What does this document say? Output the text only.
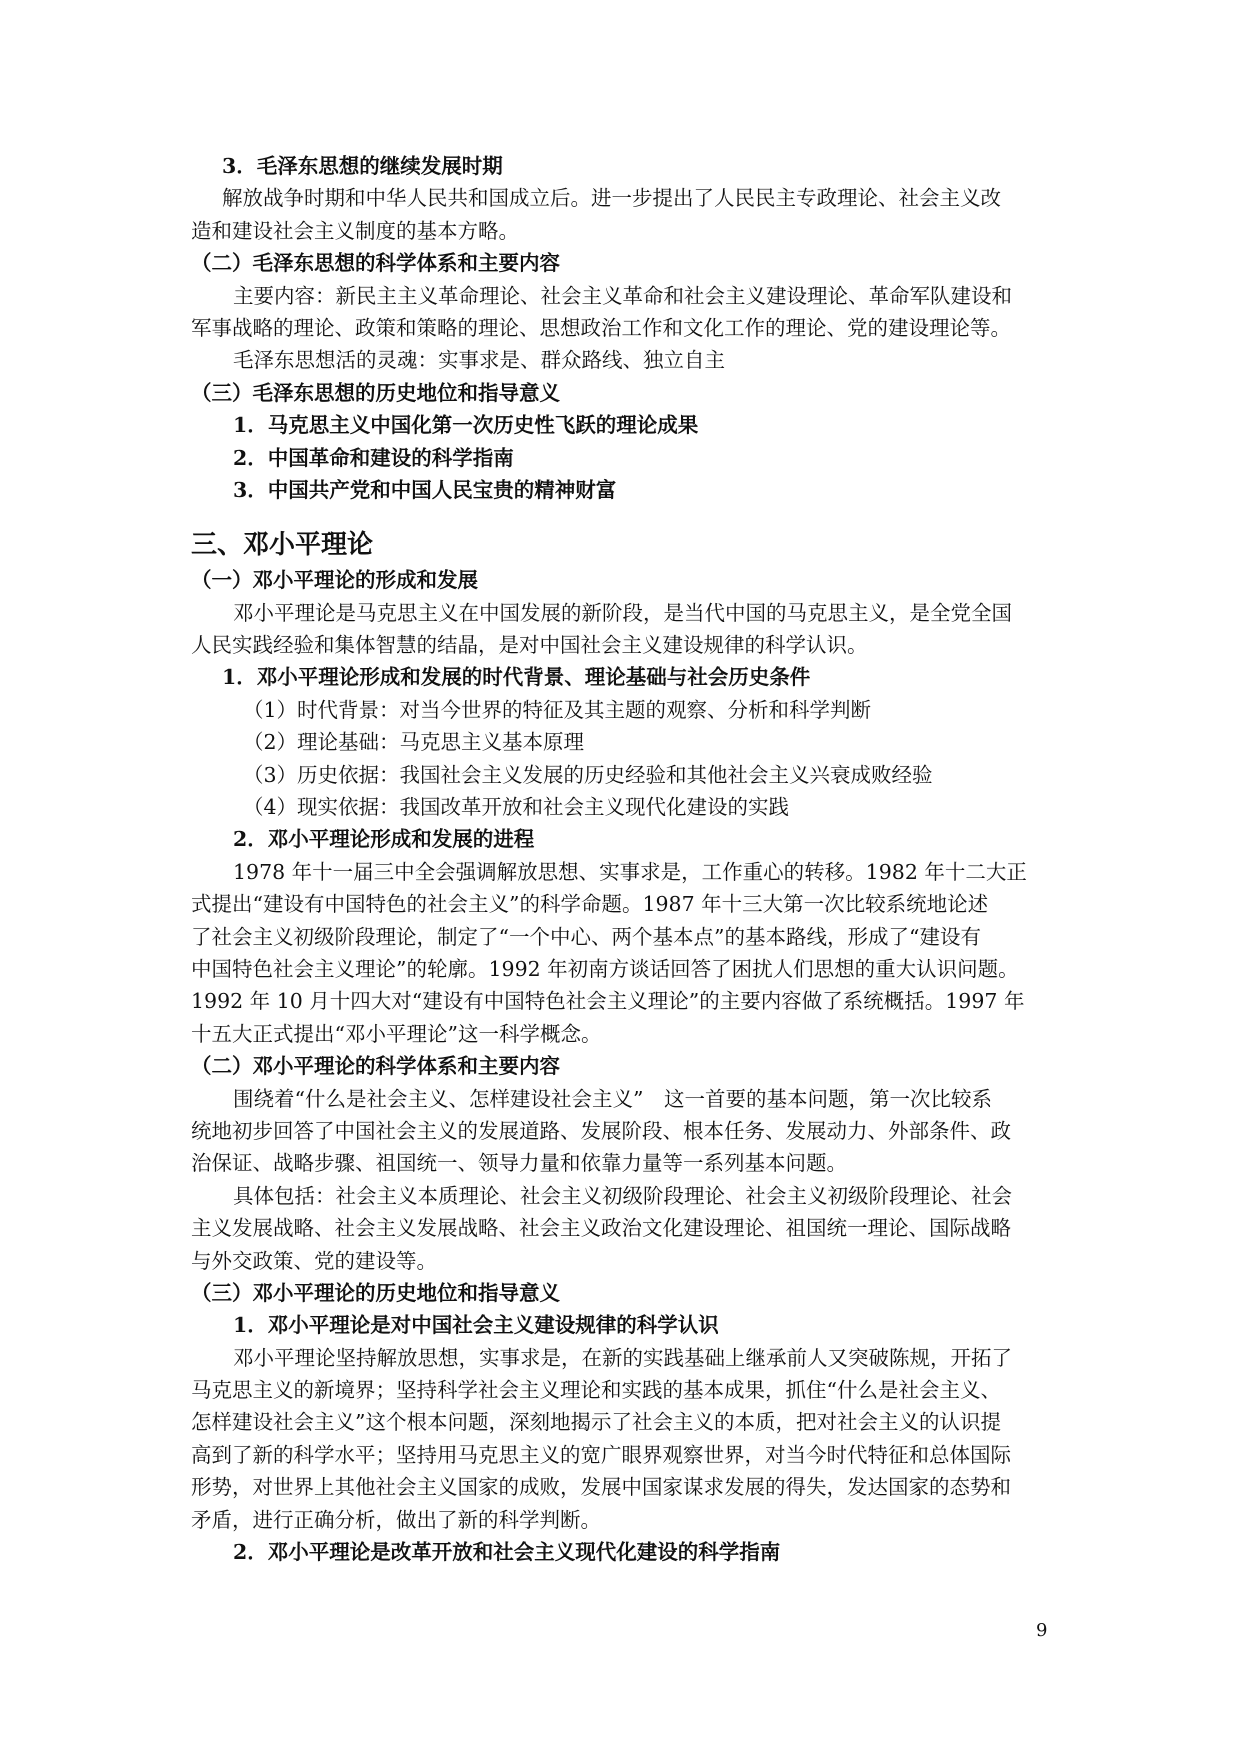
3．毛泽东思想的继续发展时期
解放战争时期和中华人民共和国成立后。进一步提出了人民民主专政理论、社会主义改
造和建设社会主义制度的基本方略。
（二）毛泽东思想的科学体系和主要内容
主要内容：新民主主义革命理论、社会主义革命和社会主义建设理论、革命军队建设和
军事战略的理论、政策和策略的理论、思想政治工作和文化工作的理论、党的建设理论等。
毛泽东思想活的灵魂：实事求是、群众路线、独立自主
（三）毛泽东思想的历史地位和指导意义
1．马克思主义中国化第一次历史性飞跃的理论成果
2．中国革命和建设的科学指南
3．中国共产党和中国人民宝贵的精神财富
三、邓小平理论
（一）邓小平理论的形成和发展
邓小平理论是马克思主义在中国发展的新阶段，是当代中国的马克思主义，是全党全国
人民实践经验和集体智慧的结晶，是对中国社会主义建设规律的科学认识。
1．邓小平理论形成和发展的时代背景、理论基础与社会历史条件
（1）时代背景：对当今世界的特征及其主题的观察、分析和科学判断
（2）理论基础：马克思主义基本原理
（3）历史依据：我国社会主义发展的历史经验和其他社会主义兴衰成败经验
（4）现实依据：我国改革开放和社会主义现代化建设的实践
2．邓小平理论形成和发展的进程
1978 年十一届三中全会强调解放思想、实事求是，工作重心的转移。1982 年十二大正
式提出“建设有中国特色的社会主义”的科学命题。1987 年十三大第一次比较系统地论述
了社会主义初级阶段理论，制定了“一个中心、两个基本点”的基本路线，形成了“建设有
中国特色社会主义理论”的轮廓。1992 年初南方谈话回答了困扰人们思想的重大认识问题。
1992 年 10 月十四大对“建设有中国特色社会主义理论”的主要内容做了系统概括。1997 年
十五大正式提出“邓小平理论”这一科学概念。
（二）邓小平理论的科学体系和主要内容
围绕着“什么是社会主义、怎样建设社会主义”　这一首要的基本问题，第一次比较系
统地初步回答了中国社会主义的发展道路、发展阶段、根本任务、发展动力、外部条件、政
治保证、战略步骤、祖国统一、领导力量和依靠力量等一系列基本问题。
具体包括：社会主义本质理论、社会主义初级阶段理论、社会主义初级阶段理论、社会
主义发展战略、社会主义发展战略、社会主义政治文化建设理论、祖国统一理论、国际战略
与外交政策、党的建设等。
（三）邓小平理论的历史地位和指导意义
1．邓小平理论是对中国社会主义建设规律的科学认识
邓小平理论坚持解放思想，实事求是，在新的实践基础上继承前人又突破陈规，开拓了
马克思主义的新境界；坚持科学社会主义理论和实践的基本成果，抓住“什么是社会主义、
怎样建设社会主义”这个根本问题，深刻地揭示了社会主义的本质，把对社会主义的认识提
高到了新的科学水平；坚持用马克思主义的宽广眼界观察世界，对当今时代特征和总体国际
形势，对世界上其他社会主义国家的成败，发展中国家谋求发展的得失，发达国家的态势和
矛盾，进行正确分析，做出了新的科学判断。
2．邓小平理论是改革开放和社会主义现代化建设的科学指南
9
